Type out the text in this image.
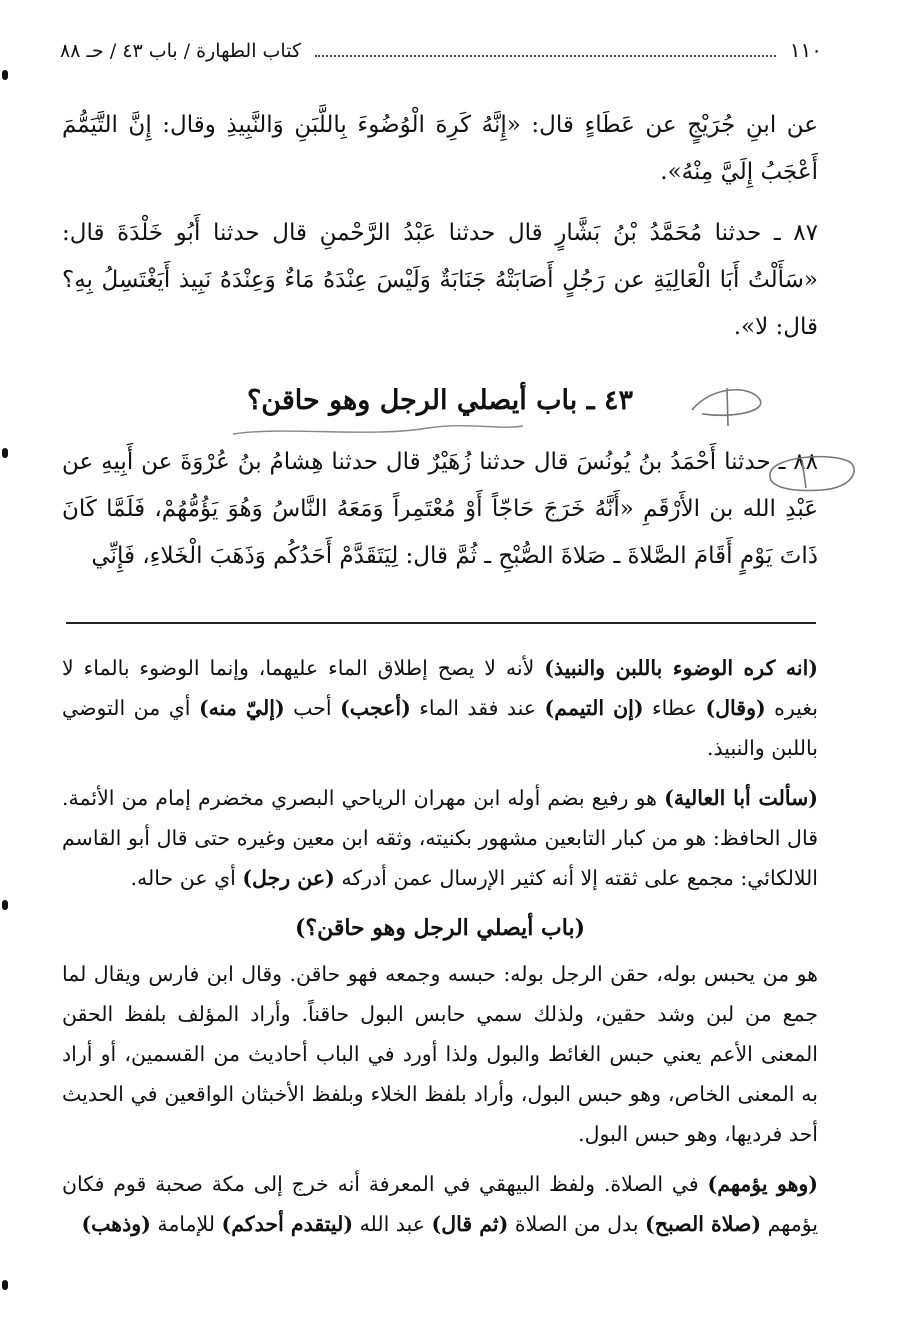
١١٠
كتاب الطهارة / باب ٤٣ / حـ ٨٨

عن ابنِ جُرَيْجٍ عن عَطَاءٍ قال: «إِنَّهُ كَرِهَ الْوُضُوءَ بِاللَّبَنِ وَالنَّبِيذِ وقال: إِنَّ التَّيَمُّمَ أَعْجَبُ إِلَيَّ مِنْهُ».

٨٧ ـ حدثنا مُحَمَّدُ بْنُ بَشَّارٍ قال حدثنا عَبْدُ الرَّحْمنِ قال حدثنا أَبُو خَلْدَةَ قال: «سَأَلْتُ أَبَا الْعَالِيَةِ عن رَجُلٍ أَصَابَتْهُ جَنَابَةٌ وَلَيْسَ عِنْدَهُ مَاءٌ وَعِنْدَهُ نَبِيذ أَيَغْتَسِلُ بِهِ؟ قال: لا».

٤٣ ـ باب أيصلي الرجل وهو حاقن؟

٨٨ ـ حدثنا أَحْمَدُ بنُ يُونُسَ قال حدثنا زُهَيْرٌ قال حدثنا هِشامُ بنُ عُرْوَةَ عن أَبِيهِ عن عَبْدِ الله بن الأَرْقَمِ «أَنَّهُ خَرَجَ حَاجّاً أَوْ مُعْتَمِراً وَمَعَهُ النَّاسُ وَهُوَ يَؤُمُّهُمْ، فَلَمَّا كَانَ ذَاتَ يَوْمٍ أَقَامَ الصَّلاةَ ـ صَلاةَ الصُّبْحِ ـ ثُمَّ قال: لِيَتَقَدَّمْ أَحَدُكُم وَذَهَبَ الْخَلاءِ، فَإِنِّي

(انه كره الوضوء باللبن والنبيذ) لأنه لا يصح إطلاق الماء عليهما، وإنما الوضوء بالماء لا بغيره (وقال) عطاء (إن التيمم) عند فقد الماء (أعجب) أحب (إليّ منه) أي من التوضي باللبن والنبيذ.

(سألت أبا العالية) هو رفيع بضم أوله ابن مهران الرياحي البصري مخضرم إمام من الأئمة. قال الحافظ: هو من كبار التابعين مشهور بكنيته، وثقه ابن معين وغيره حتى قال أبو القاسم اللالكائي: مجمع على ثقته إلا أنه كثير الإرسال عمن أدركه (عن رجل) أي عن حاله.

(باب أيصلي الرجل وهو حاقن؟)

هو من يحبس بوله، حقن الرجل بوله: حبسه وجمعه فهو حاقن. وقال ابن فارس ويقال لما جمع من لبن وشد حقين، ولذلك سمي حابس البول حاقناً. وأراد المؤلف بلفظ الحقن المعنى الأعم يعني حبس الغائط والبول ولذا أورد في الباب أحاديث من القسمين، أو أراد به المعنى الخاص، وهو حبس البول، وأراد بلفظ الخلاء وبلفظ الأخبثان الواقعين في الحديث أحد فرديها، وهو حبس البول.

(وهو يؤمهم) في الصلاة. ولفظ البيهقي في المعرفة أنه خرج إلى مكة صحبة قوم فكان يؤمهم (صلاة الصبح) بدل من الصلاة (ثم قال) عبد الله (ليتقدم أحدكم) للإمامة (وذهب)
